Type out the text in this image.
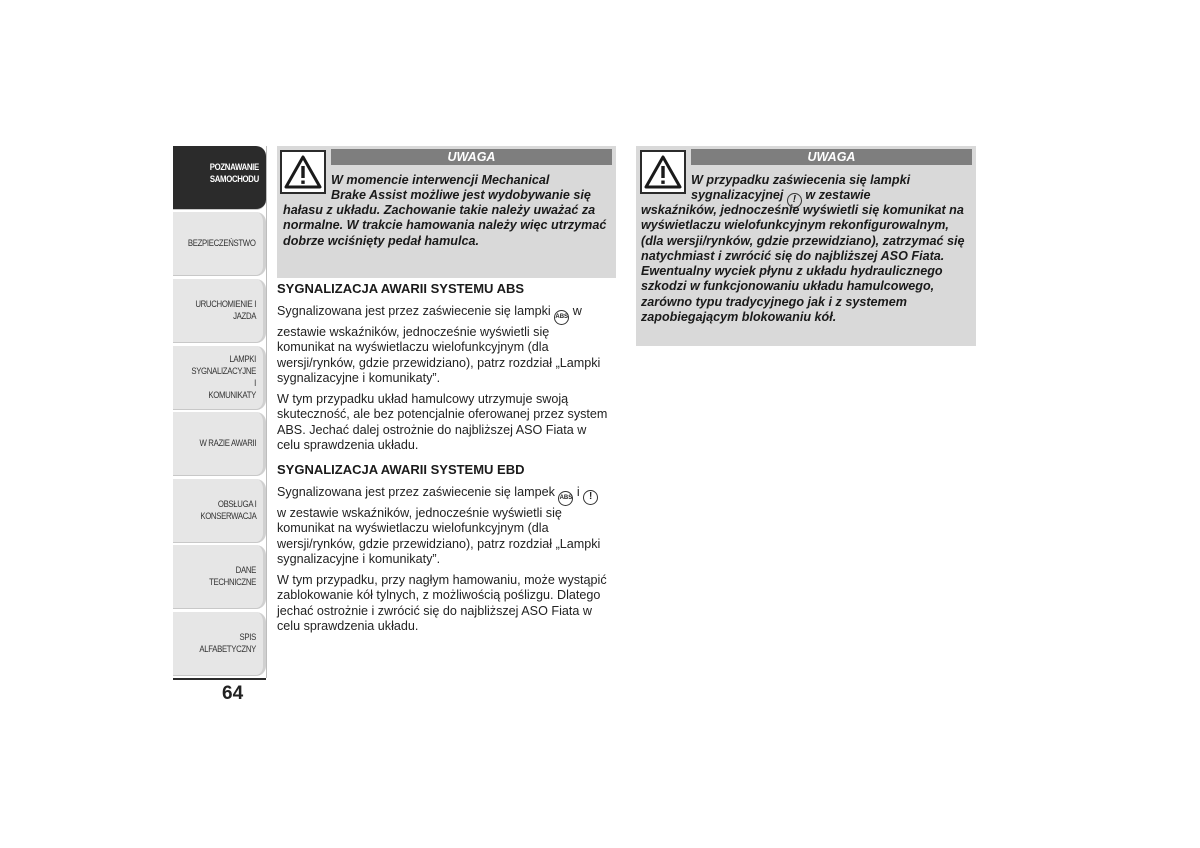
POZNAWANIE
SAMOCHODU
BEZPIECZEŃSTWO
URUCHOMIENIE I
JAZDA
LAMPKI
SYGNALIZACYJNE I
KOMUNIKATY
W RAZIE AWARII
OBSŁUGA I
KONSERWACJA
DANE TECHNICZNE
SPIS ALFABETYCZNY
64
UWAGA
W momencie interwencji Mechanical
Brake Assist możliwe jest wydobywanie się
hałasu z układu. Zachowanie takie należy uważać za normalne. W trakcie hamowania należy więc utrzymać dobrze wciśnięty pedał hamulca.
UWAGA
W przypadku zaświecenia się lampki
sygnalizacyjnej ! w zestawie
wskaźników, jednocześnie wyświetli się komunikat na wyświetlaczu wielofunkcyjnym rekonfigurowalnym, (dla wersji/rynków, gdzie przewidziano), zatrzymać się natychmiast i zwrócić się do najbliższej ASO Fiata. Ewentualny wyciek płynu z układu hydraulicznego szkodzi w funkcjonowaniu układu hamulcowego, zarówno typu tradycyjnego jak i z systemem zapobiegającym blokowaniu kół.
SYGNALIZACJA AWARII SYSTEMU ABS
Sygnalizowana jest przez zaświecenie się lampki ABS w zestawie wskaźników, jednocześnie wyświetli się komunikat na wyświetlaczu wielofunkcyjnym (dla wersji/rynków, gdzie przewidziano), patrz rozdział „Lampki sygnalizacyjne i komunikaty”.
W tym przypadku układ hamulcowy utrzymuje swoją skuteczność, ale bez potencjalnie oferowanej przez system ABS. Jechać dalej ostrożnie do najbliższej ASO Fiata w celu sprawdzenia układu.
SYGNALIZACJA AWARII SYSTEMU EBD
Sygnalizowana jest przez zaświecenie się lampek ABS i ! w zestawie wskaźników, jednocześnie wyświetli się komunikat na wyświetlaczu wielofunkcyjnym (dla wersji/rynków, gdzie przewidziano), patrz rozdział „Lampki sygnalizacyjne i komunikaty”.
W tym przypadku, przy nagłym hamowaniu, może wystąpić zablokowanie kół tylnych, z możliwością poślizgu. Dlatego jechać ostrożnie i zwrócić się do najbliższej ASO Fiata w celu sprawdzenia układu.
